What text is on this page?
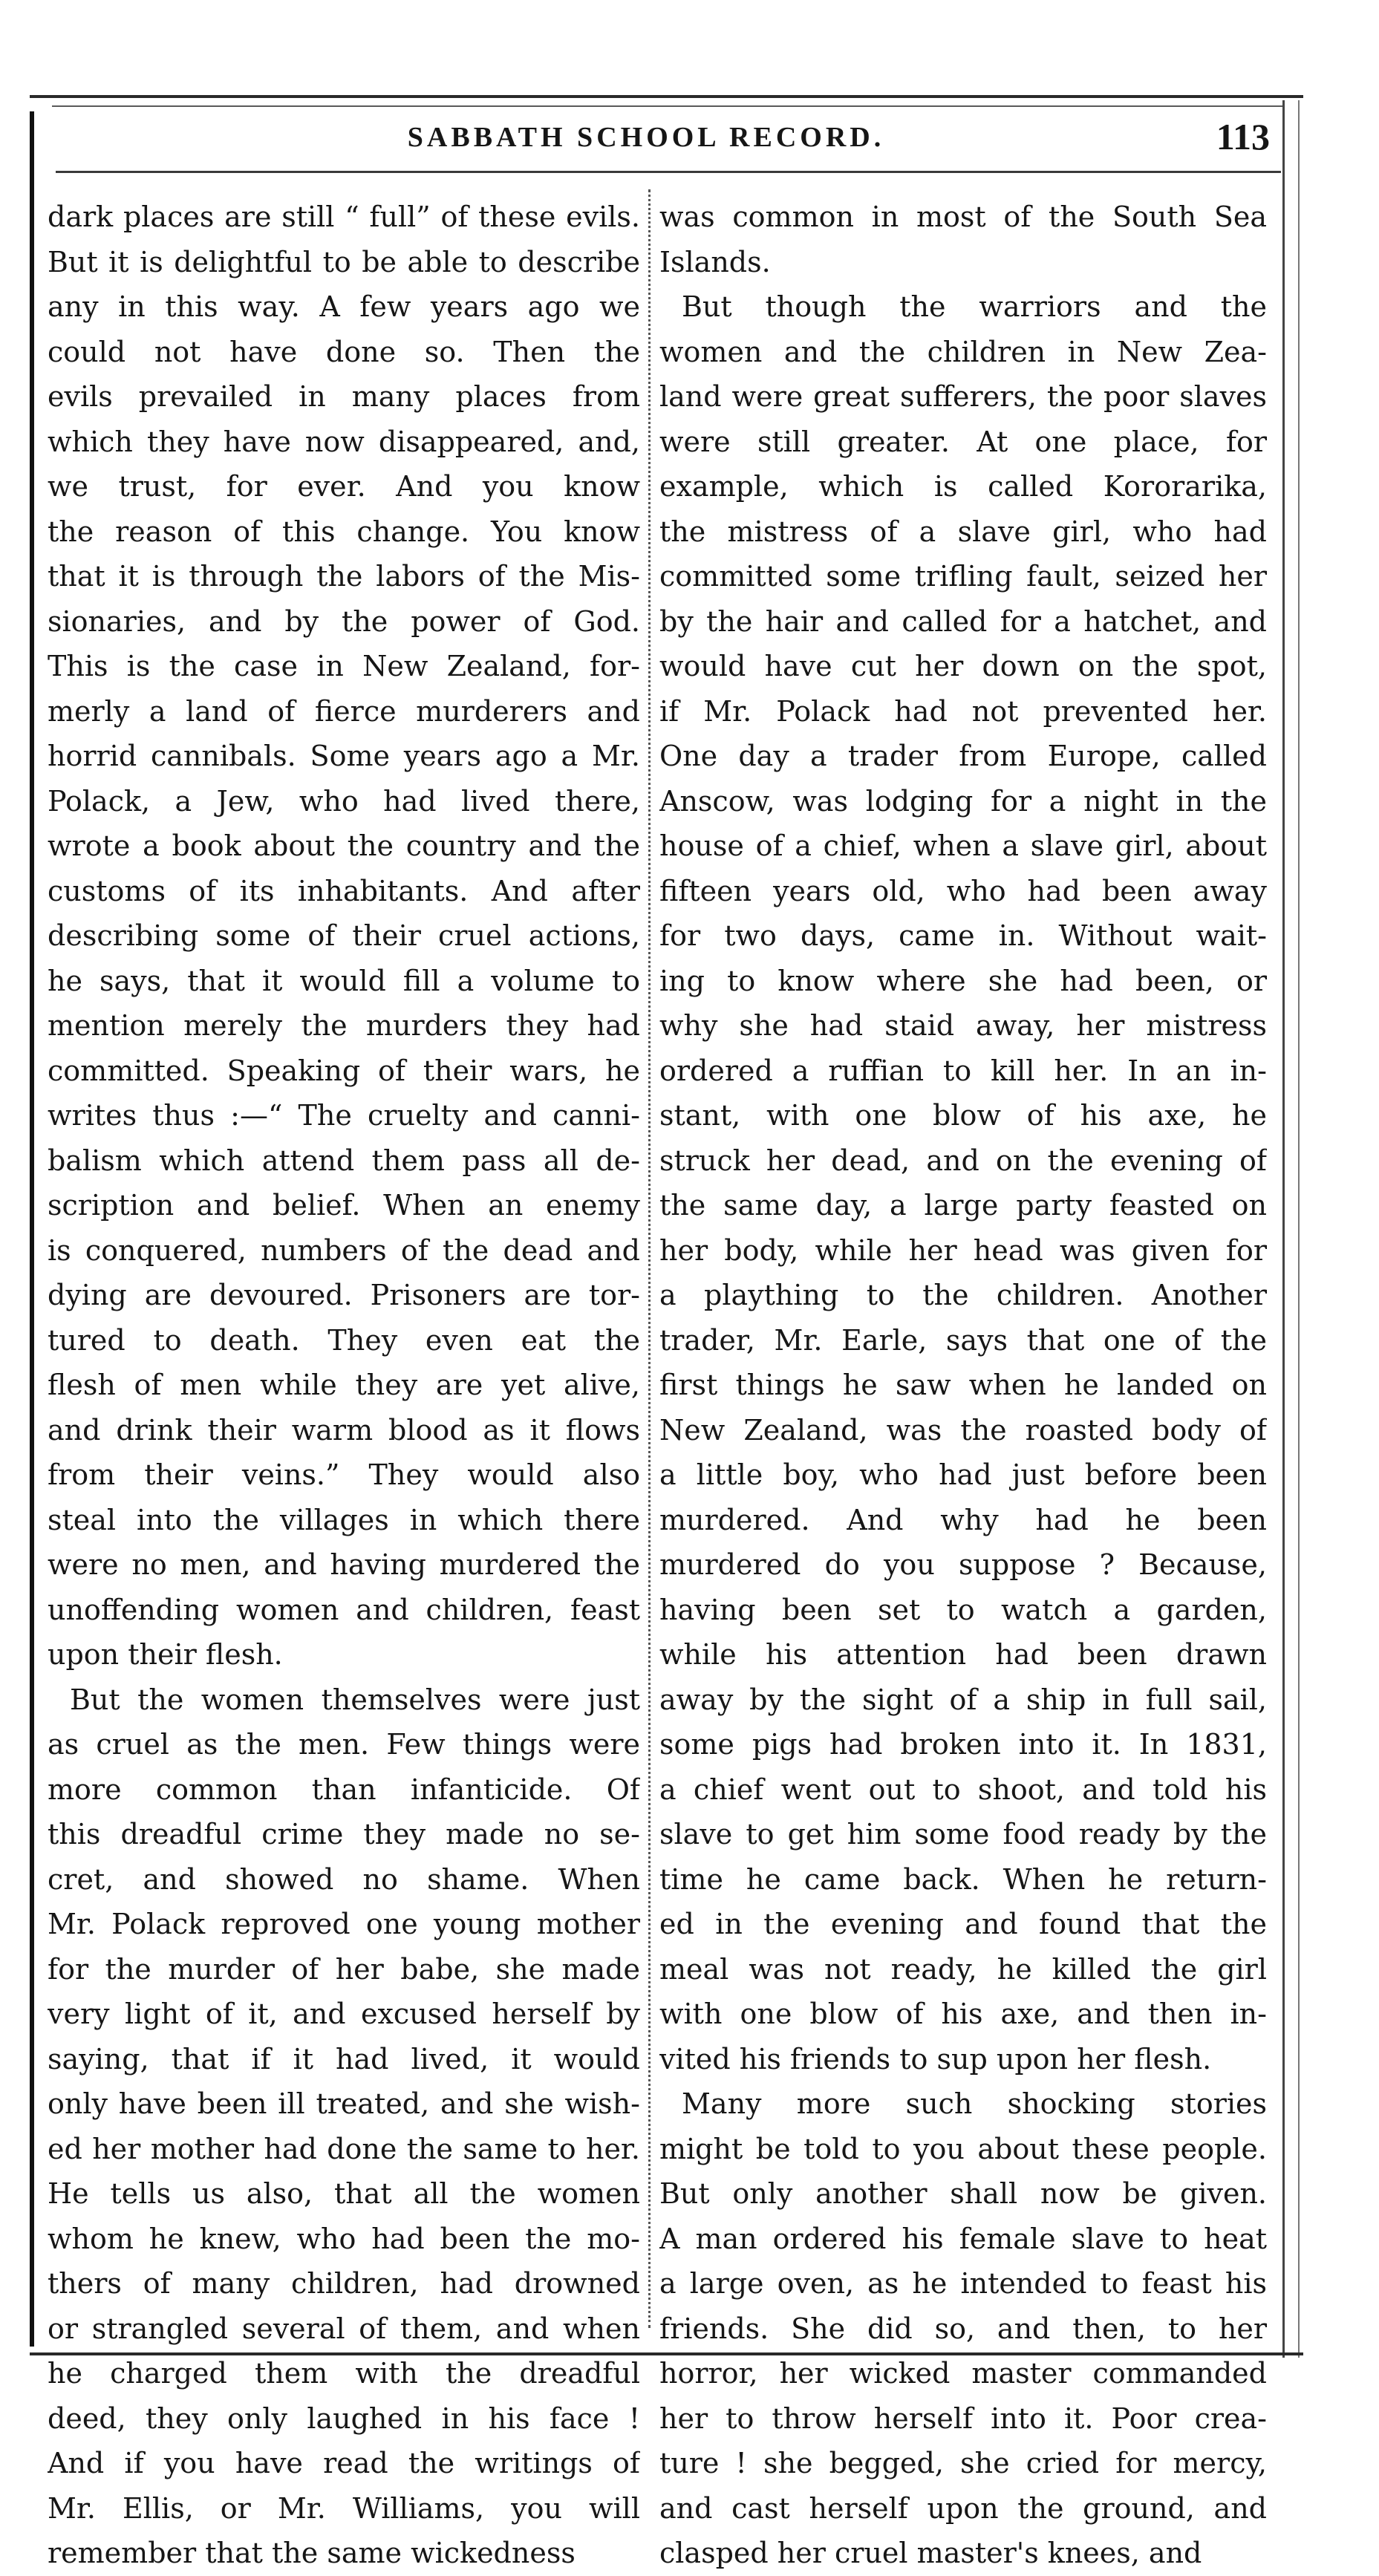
SABBATH SCHOOL RECORD.	113
dark places are still “ full” of these evils.
But it is delightful to be able to describe
any in this way. A few years ago we
could not have done so. Then the
evils prevailed in many places from
which they have now disappeared, and,
we trust, for ever. And you know
the reason of this change. You know
that it is through the labors of the Mis-
sionaries, and by the power of God.
This is the case in New Zealand, for-
merly a land of fierce murderers and
horrid cannibals. Some years ago a Mr.
Polack, a Jew, who had lived there,
wrote a book about the country and the
customs of its inhabitants. And after
describing some of their cruel actions,
he says, that it would fill a volume to
mention merely the murders they had
committed. Speaking of their wars, he
writes thus :—“ The cruelty and canni-
balism which attend them pass all de-
scription and belief. When an enemy
is conquered, numbers of the dead and
dying are devoured. Prisoners are tor-
tured to death. They even eat the
flesh of men while they are yet alive,
and drink their warm blood as it flows
from their veins.” They would also
steal into the villages in which there
were no men, and having murdered the
unoffending women and children, feast
upon their flesh.
But the women themselves were just
as cruel as the men. Few things were
more common than infanticide. Of
this dreadful crime they made no se-
cret, and showed no shame. When
Mr. Polack reproved one young mother
for the murder of her babe, she made
very light of it, and excused herself by
saying, that if it had lived, it would
only have been ill treated, and she wish-
ed her mother had done the same to her.
He tells us also, that all the women
whom he knew, who had been the mo-
thers of many children, had drowned
or strangled several of them, and when
he charged them with the dreadful
deed, they only laughed in his face !
And if you have read the writings of
Mr. Ellis, or Mr. Williams, you will
remember that the same wickedness
was common in most of the South Sea
Islands.
But though the warriors and the
women and the children in New Zea-
land were great sufferers, the poor slaves
were still greater. At one place, for
example, which is called Kororarika,
the mistress of a slave girl, who had
committed some trifling fault, seized her
by the hair and called for a hatchet, and
would have cut her down on the spot,
if Mr. Polack had not prevented her.
One day a trader from Europe, called
Anscow, was lodging for a night in the
house of a chief, when a slave girl, about
fifteen years old, who had been away
for two days, came in. Without wait-
ing to know where she had been, or
why she had staid away, her mistress
ordered a ruffian to kill her. In an in-
stant, with one blow of his axe, he
struck her dead, and on the evening of
the same day, a large party feasted on
her body, while her head was given for
a plaything to the children. Another
trader, Mr. Earle, says that one of the
first things he saw when he landed on
New Zealand, was the roasted body of
a little boy, who had just before been
murdered. And why had he been
murdered do you suppose ? Because,
having been set to watch a garden,
while his attention had been drawn
away by the sight of a ship in full sail,
some pigs had broken into it. In 1831,
a chief went out to shoot, and told his
slave to get him some food ready by the
time he came back. When he return-
ed in the evening and found that the
meal was not ready, he killed the girl
with one blow of his axe, and then in-
vited his friends to sup upon her flesh.
Many more such shocking stories
might be told to you about these people.
But only another shall now be given.
A man ordered his female slave to heat
a large oven, as he intended to feast his
friends. She did so, and then, to her
horror, her wicked master commanded
her to throw herself into it. Poor crea-
ture ! she begged, she cried for mercy,
and cast herself upon the ground, and
clasped her cruel master's knees, and
